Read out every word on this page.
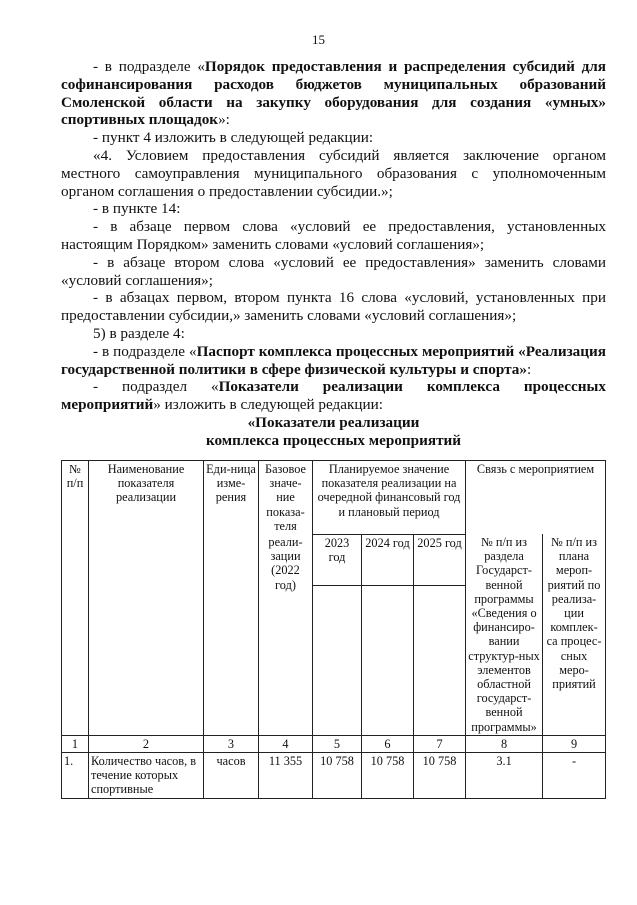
15

- в подразделе «Порядок предоставления и распределения субсидий для софинансирования расходов бюджетов муниципальных образований Смоленской области на закупку оборудования для создания «умных» спортивных площадок»:

- пункт 4 изложить в следующей редакции:

«4. Условием предоставления субсидий является заключение органом местного самоуправления муниципального образования с уполномоченным органом соглашения о предоставлении субсидии.»;

- в пункте 14:

- в абзаце первом слова «условий ее предоставления, установленных настоящим Порядком» заменить словами «условий соглашения»;

- в абзаце втором слова «условий ее предоставления» заменить словами «условий соглашения»;

- в абзацах первом, втором пункта 16 слова «условий, установленных при предоставлении субсидии,» заменить словами «условий соглашения»;

5) в разделе 4:

- в подразделе «Паспорт комплекса процессных мероприятий «Реализация государственной политики в сфере физической культуры и спорта»:

- подраздел «Показатели реализации комплекса процессных мероприятий» изложить в следующей редакции:

«Показатели реализации

комплекса процессных мероприятий

№ п/п	Наименование показателя реализации	Еди-ница изме-рения	Базовое значе-ние показа-теля	Планируемое значение показателя реализации на очередной финансовый год и плановый период			Связь с мероприятием	
			реали-зации (2022 год)	2023 год	2024 год	2025 год	№ п/п из раздела Государст-венной программы «Сведения о финансиро-вании структур-ных элементов областной государст-венной программы»	№ п/п из плана мероп-риятий по реализа-ции комплек-са процес-сных меро-приятий

1	2	3	4	5	6	7	8	9
1.	Количество часов, в течение которых спортивные	часов	11 355	10 758	10 758	10 758	3.1	-
